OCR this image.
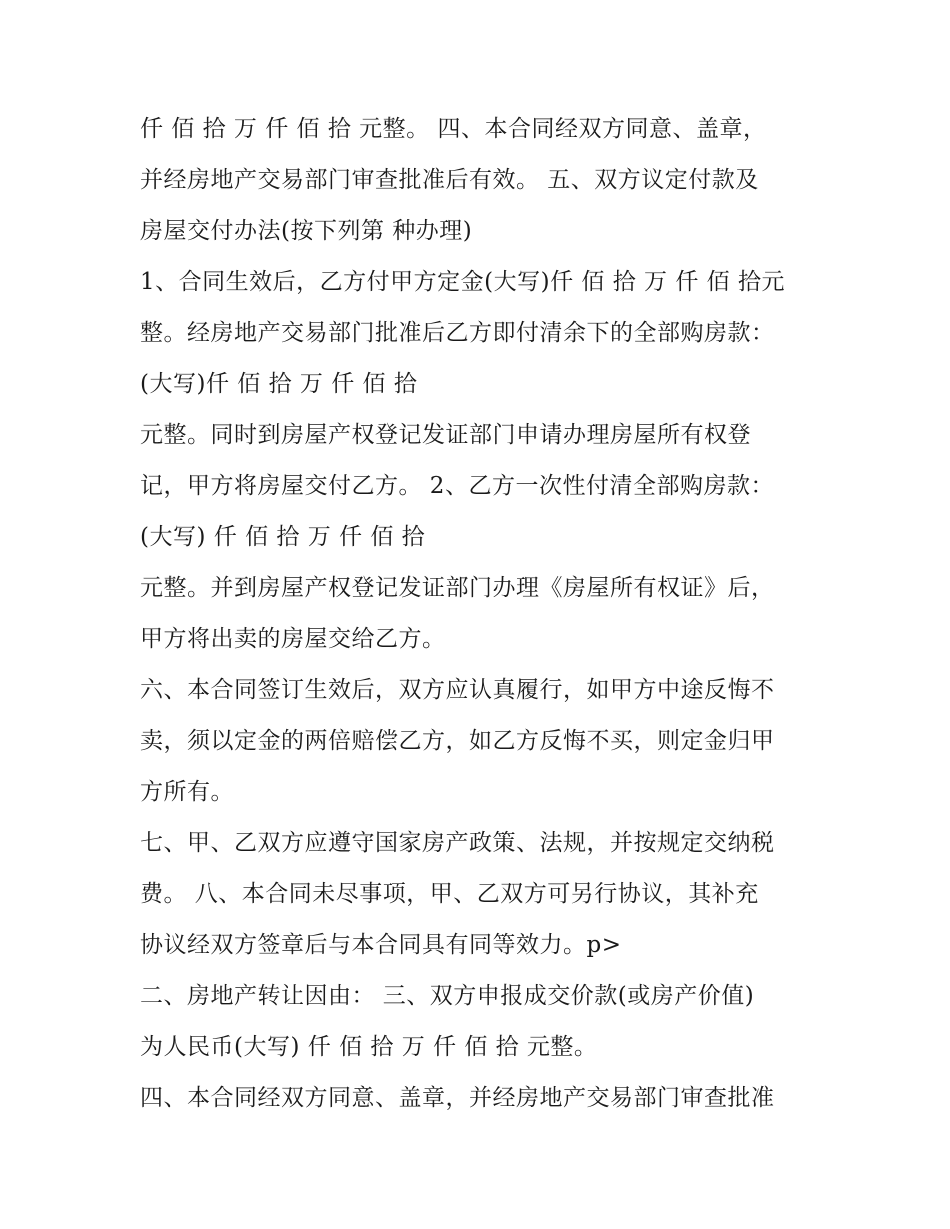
仟 佰 拾 万 仟 佰 拾 元整。 四、本合同经双方同意、盖章，
并经房地产交易部门审查批准后有效。 五、双方议定付款及
房屋交付办法(按下列第 种办理)
1、合同生效后，乙方付甲方定金(大写)仟 佰 拾 万 仟 佰 拾元
整。经房地产交易部门批准后乙方即付清余下的全部购房款：
(大写)仟 佰 拾 万 仟 佰 拾
元整。同时到房屋产权登记发证部门申请办理房屋所有权登
记，甲方将房屋交付乙方。 2、乙方一次性付清全部购房款：
(大写) 仟 佰 拾 万 仟 佰 拾
元整。并到房屋产权登记发证部门办理《房屋所有权证》后，
甲方将出卖的房屋交给乙方。
六、本合同签订生效后，双方应认真履行，如甲方中途反悔不
卖，须以定金的两倍赔偿乙方，如乙方反悔不买，则定金归甲
方所有。
七、甲、乙双方应遵守国家房产政策、法规，并按规定交纳税
费。 八、本合同未尽事项，甲、乙双方可另行协议，其补充
协议经双方签章后与本合同具有同等效力。p>
二、房地产转让因由： 三、双方申报成交价款(或房产价值)
为人民币(大写) 仟 佰 拾 万 仟 佰 拾 元整。
四、本合同经双方同意、盖章，并经房地产交易部门审查批准
